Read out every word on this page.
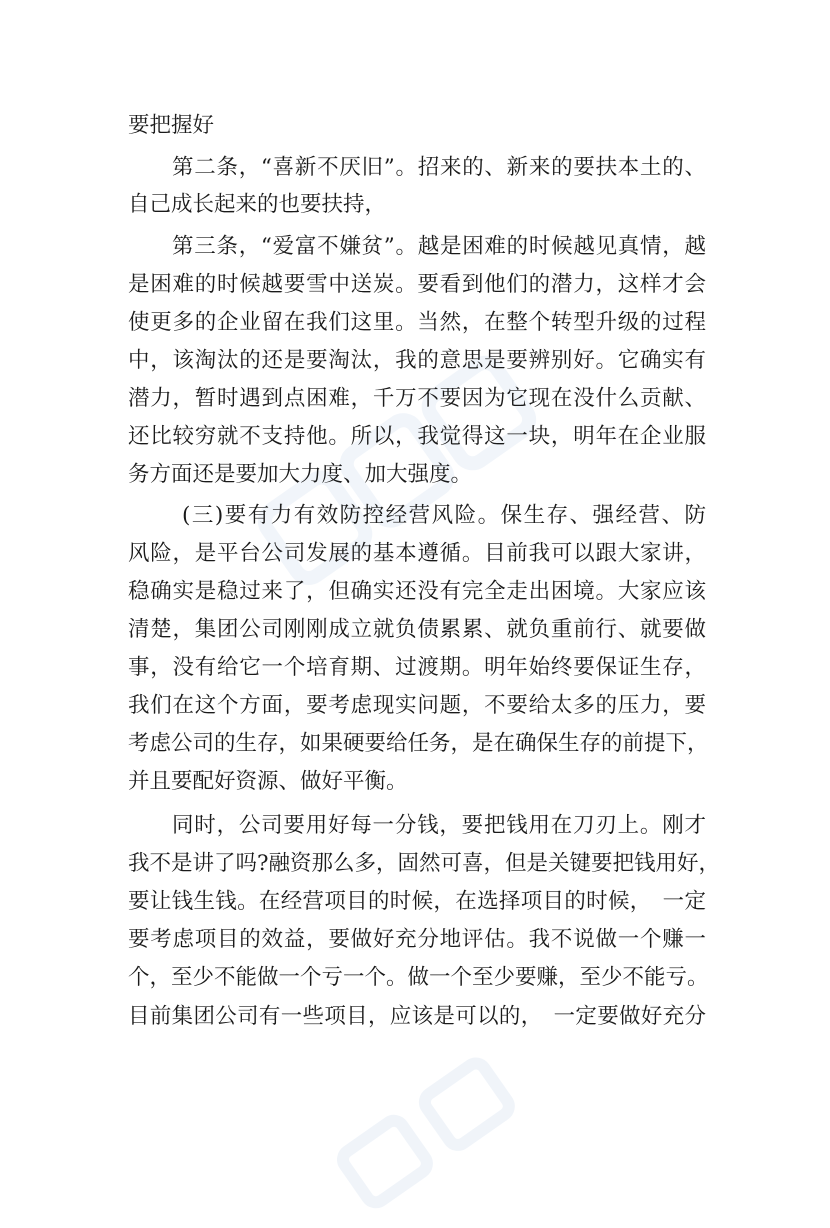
要把握好
第二条，“喜新不厌旧”。招来的、新来的要扶本土的、
自己成长起来的也要扶持，
第三条，“爱富不嫌贫”。越是困难的时候越见真情，越
是困难的时候越要雪中送炭。要看到他们的潜力，这样才会
使更多的企业留在我们这里。当然，在整个转型升级的过程
中，该淘汰的还是要淘汰，我的意思是要辨别好。它确实有
潜力，暂时遇到点困难，千万不要因为它现在没什么贡献、
还比较穷就不支持他。所以，我觉得这一块，明年在企业服
务方面还是要加大力度、加大强度。
(三)要有力有效防控经营风险。保生存、强经营、防
风险，是平台公司发展的基本遵循。目前我可以跟大家讲，
稳确实是稳过来了，但确实还没有完全走出困境。大家应该
清楚，集团公司刚刚成立就负债累累、就负重前行、就要做
事，没有给它一个培育期、过渡期。明年始终要保证生存，
我们在这个方面，要考虑现实问题，不要给太多的压力，要
考虑公司的生存，如果硬要给任务，是在确保生存的前提下，
并且要配好资源、做好平衡。
同时，公司要用好每一分钱，要把钱用在刀刃上。刚才
我不是讲了吗?融资那么多，固然可喜，但是关键要把钱用好，
要让钱生钱。在经营项目的时候，在选择项目的时候，　一定
要考虑项目的效益，要做好充分地评估。我不说做一个赚一
个，至少不能做一个亏一个。做一个至少要赚，至少不能亏。
目前集团公司有一些项目，应该是可以的，　一定要做好充分
